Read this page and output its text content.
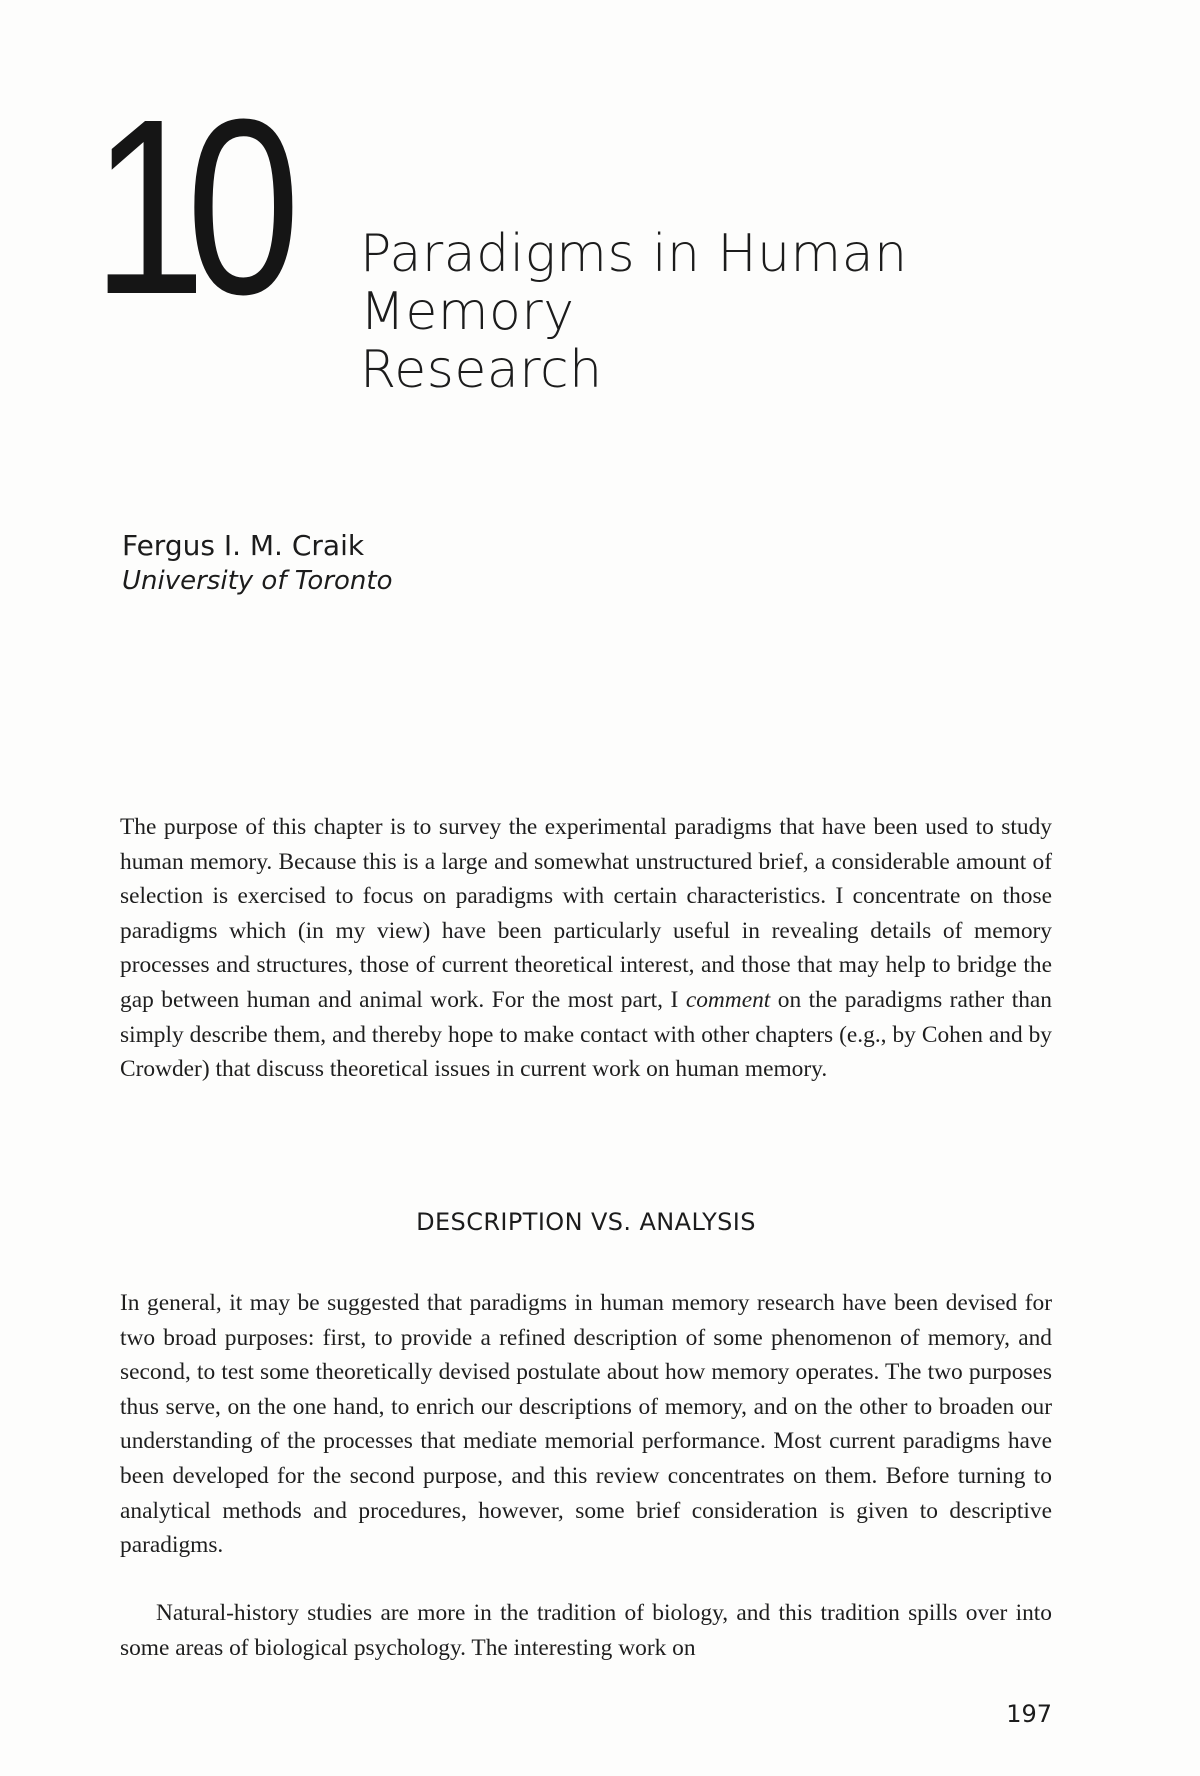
10 Paradigms in Human Memory
Research
Fergus I. M. Craik
University of Toronto

The purpose of this chapter is to survey the experimental paradigms that have been used to study human memory. Because this is a large and somewhat unstructured brief, a considerable amount of selection is exercised to focus on paradigms with certain characteristics. I concentrate on those paradigms which (in my view) have been particularly useful in revealing details of memory processes and structures, those of current theoretical interest, and those that may help to bridge the gap between human and animal work. For the most part, I comment on the paradigms rather than simply describe them, and thereby hope to make contact with other chapters (e.g., by Cohen and by Crowder) that discuss theoretical issues in current work on human memory.

DESCRIPTION VS. ANALYSIS

In general, it may be suggested that paradigms in human memory research have been devised for two broad purposes: first, to provide a refined description of some phenomenon of memory, and second, to test some theoretically devised postulate about how memory operates. The two purposes thus serve, on the one hand, to enrich our descriptions of memory, and on the other to broaden our understanding of the processes that mediate memorial performance. Most current paradigms have been developed for the second purpose, and this review concentrates on them. Before turning to analytical methods and procedures, however, some brief consideration is given to descriptive paradigms.

Natural-history studies are more in the tradition of biology, and this tradition spills over into some areas of biological psychology. The interesting work on

197
